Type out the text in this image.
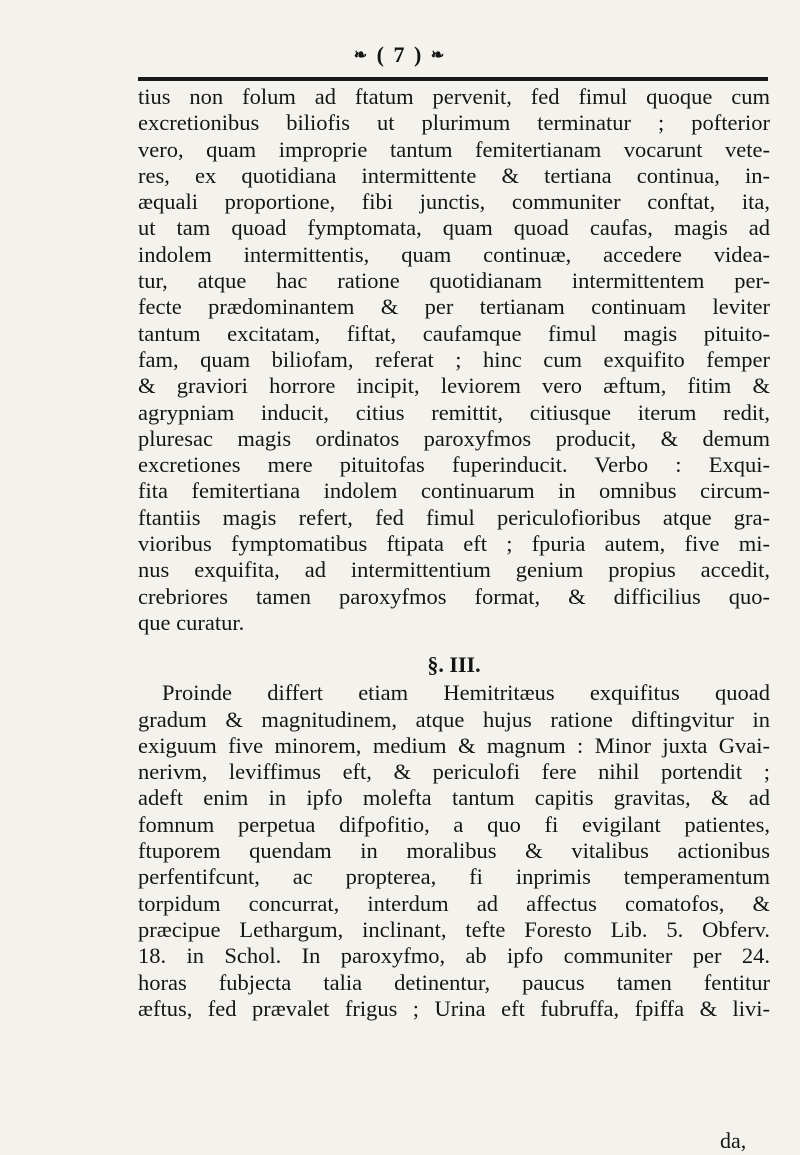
❧ ( 7 ) ❧
tius non folum ad ftatum pervenit, fed fimul quoque cum
excretionibus biliofis ut plurimum terminatur ; pofterior
vero, quam improprie tantum femitertianam vocarunt vete-
res, ex quotidiana intermittente & tertiana continua, in-
æquali proportione, fibi junctis, communiter conftat, ita,
ut tam quoad fymptomata, quam quoad caufas, magis ad
indolem intermittentis, quam continuæ, accedere videa-
tur, atque hac ratione quotidianam intermittentem per-
fecte prædominantem & per tertianam continuam leviter
tantum excitatam, fiftat, caufamque fimul magis pituito-
fam, quam biliofam, referat ; hinc cum exquifito femper
& graviori horrore incipit, leviorem vero æftum, fitim &
agrypniam inducit, citius remittit, citiusque iterum redit,
pluresac magis ordinatos paroxyfmos producit, & demum
excretiones mere pituitofas fuperinducit. Verbo : Exqui-
fita femitertiana indolem continuarum in omnibus circum-
ftantiis magis refert, fed fimul periculofioribus atque gra-
vioribus fymptomatibus ftipata eft ; fpuria autem, five mi-
nus exquifita, ad intermittentium genium propius accedit,
crebriores tamen paroxyfmos format, & difficilius quo-
que curatur.
§. III.
Proinde differt etiam Hemitritæus exquifitus quoad
gradum & magnitudinem, atque hujus ratione diftingvitur in
exiguum five minorem, medium & magnum : Minor juxta Gvai-
nerivm, leviffimus eft, & periculofi fere nihil portendit ;
adeft enim in ipfo molefta tantum capitis gravitas, & ad
fomnum perpetua difpofitio, a quo fi evigilant patientes,
ftuporem quendam in moralibus & vitalibus actionibus
perfentifcunt, ac propterea, fi inprimis temperamentum
torpidum concurrat, interdum ad affectus comatofos, &
præcipue Lethargum, inclinant, tefte Foresto Lib. 5. Obferv.
18. in Schol. In paroxyfmo, ab ipfo communiter per 24.
horas fubjecta talia detinentur, paucus tamen fentitur
æftus, fed prævalet frigus ; Urina eft fubruffa, fpiffa & livi-
da,
